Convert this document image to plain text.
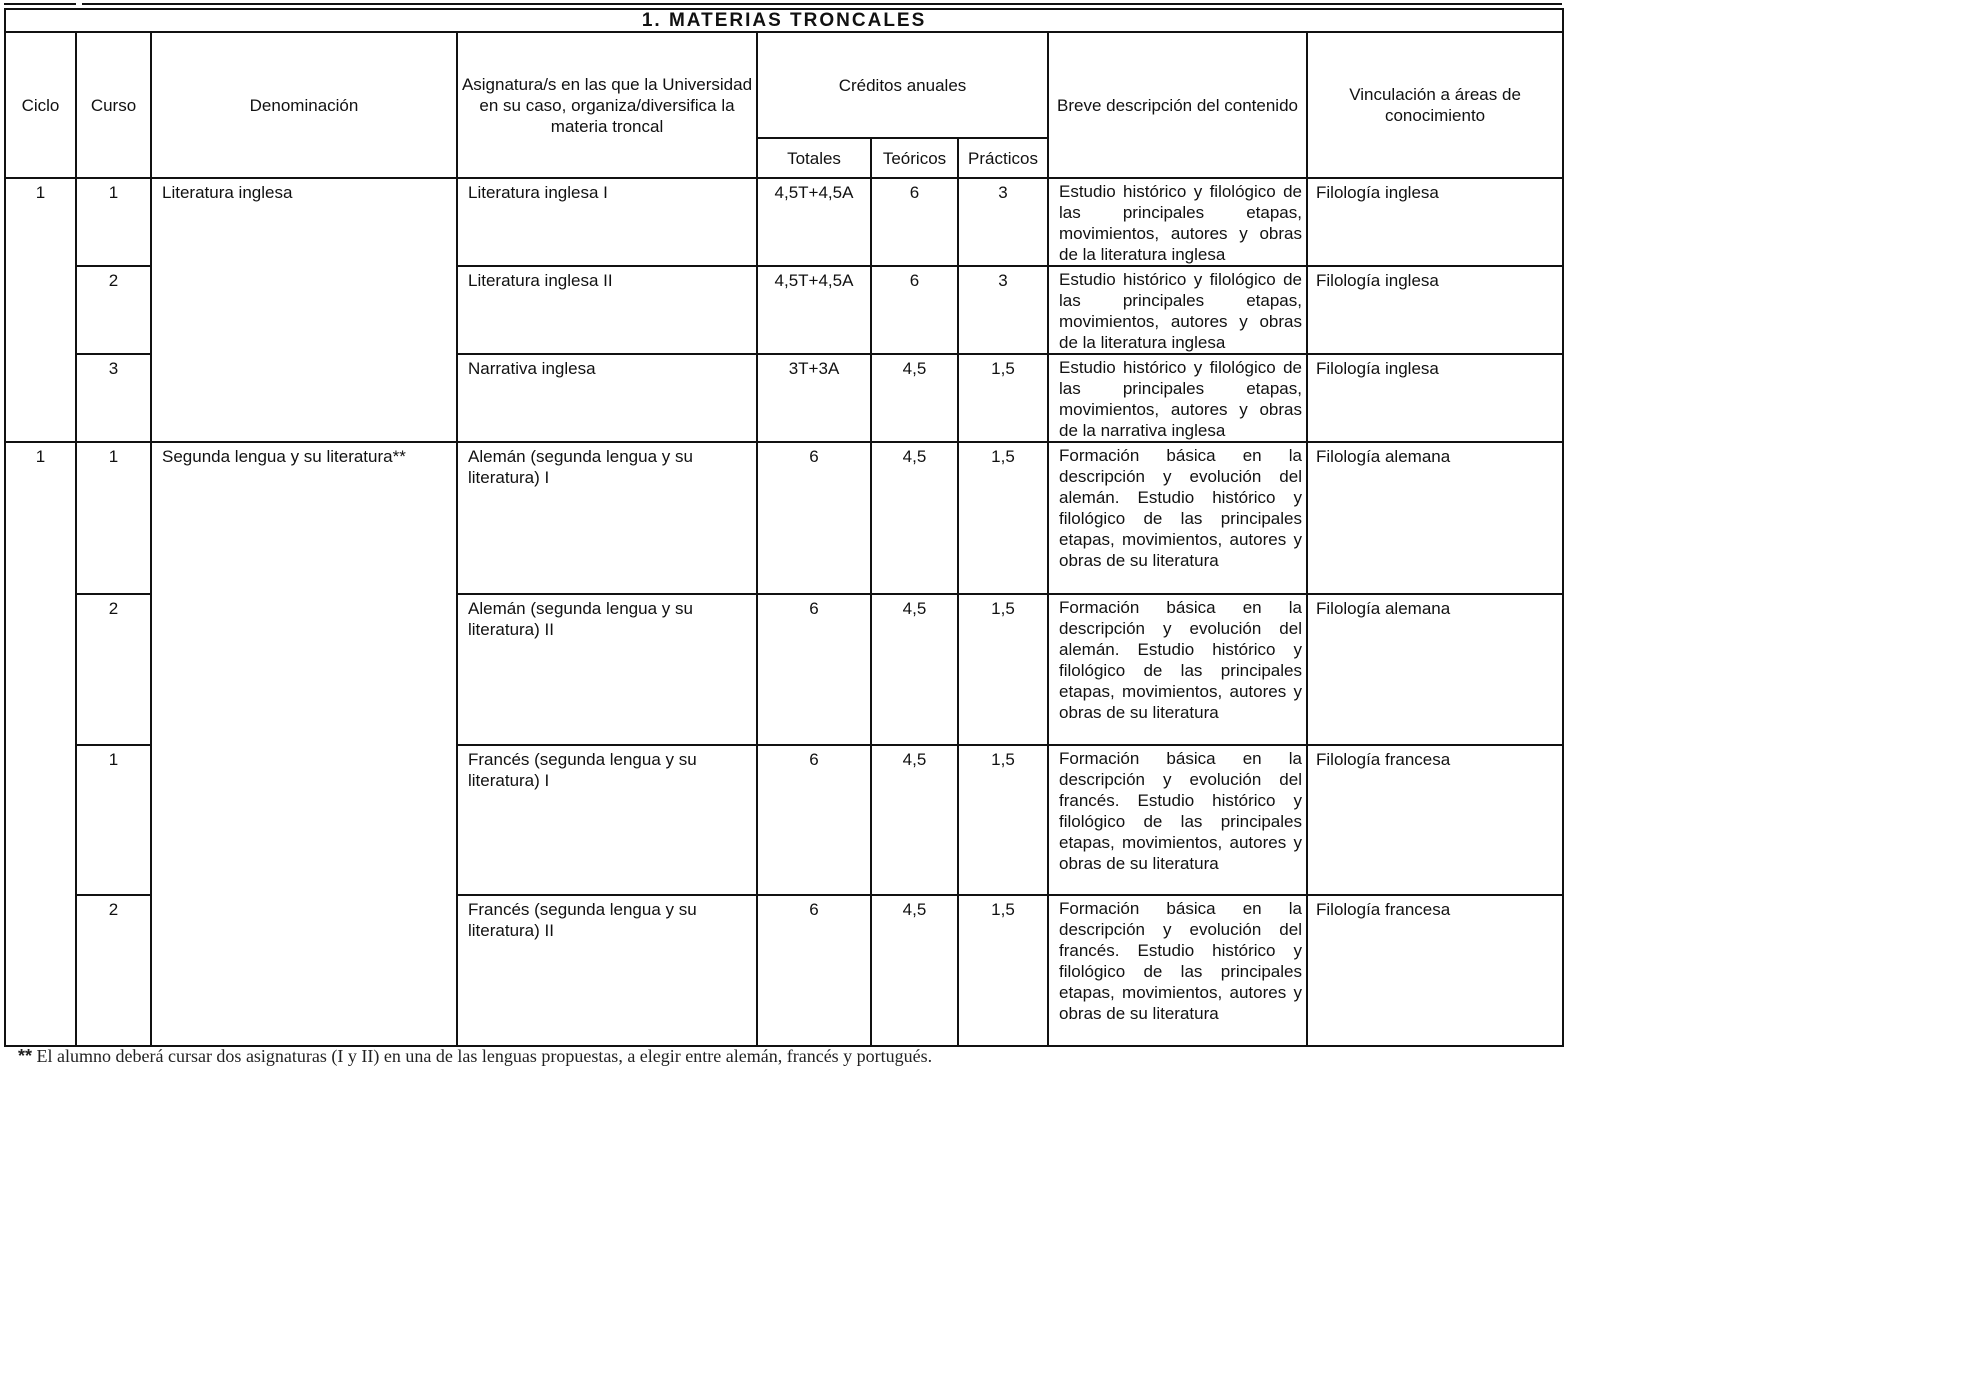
1. MATERIAS TRONCALES								
Ciclo	Curso	Denominación	Asignatura/s en las que la Universidad en su caso, organiza/diversifica la materia troncal	Créditos anuales			Breve descripción del contenido	Vinculación a áreas de conocimiento
				Totales	Teóricos	Prácticos		
1	1	Literatura inglesa	Literatura inglesa I	4,5T+4,5A	6	3	Estudio histórico y filológico de las principales etapas, movimientos, autores y obras de la literatura inglesa	Filología inglesa
	2		Literatura inglesa II	4,5T+4,5A	6	3	Estudio histórico y filológico de las principales etapas, movimientos, autores y obras de la literatura inglesa	Filología inglesa
	3		Narrativa inglesa	3T+3A	4,5	1,5	Estudio histórico y filológico de las principales etapas, movimientos, autores y obras de la narrativa inglesa	Filología inglesa
1	1	Segunda lengua y su literatura**	Alemán (segunda lengua y su literatura) I	6	4,5	1,5	Formación básica en la descripción y evolución del alemán. Estudio histórico y filológico de las principales etapas, movimientos, autores y obras de su literatura	Filología alemana
	2		Alemán (segunda lengua y su literatura) II	6	4,5	1,5	Formación básica en la descripción y evolución del alemán. Estudio histórico y filológico de las principales etapas, movimientos, autores y obras de su literatura	Filología alemana
	1		Francés (segunda lengua y su literatura) I	6	4,5	1,5	Formación básica en la descripción y evolución del francés. Estudio histórico y filológico de las principales etapas, movimientos, autores y obras de su literatura	Filología francesa
	2		Francés (segunda lengua y su literatura) II	6	4,5	1,5	Formación básica en la descripción y evolución del francés. Estudio histórico y filológico de las principales etapas, movimientos, autores y obras de su literatura	Filología francesa
** El alumno deberá cursar dos asignaturas (I y II) en una de las lenguas propuestas, a elegir entre alemán, francés y portugués.
